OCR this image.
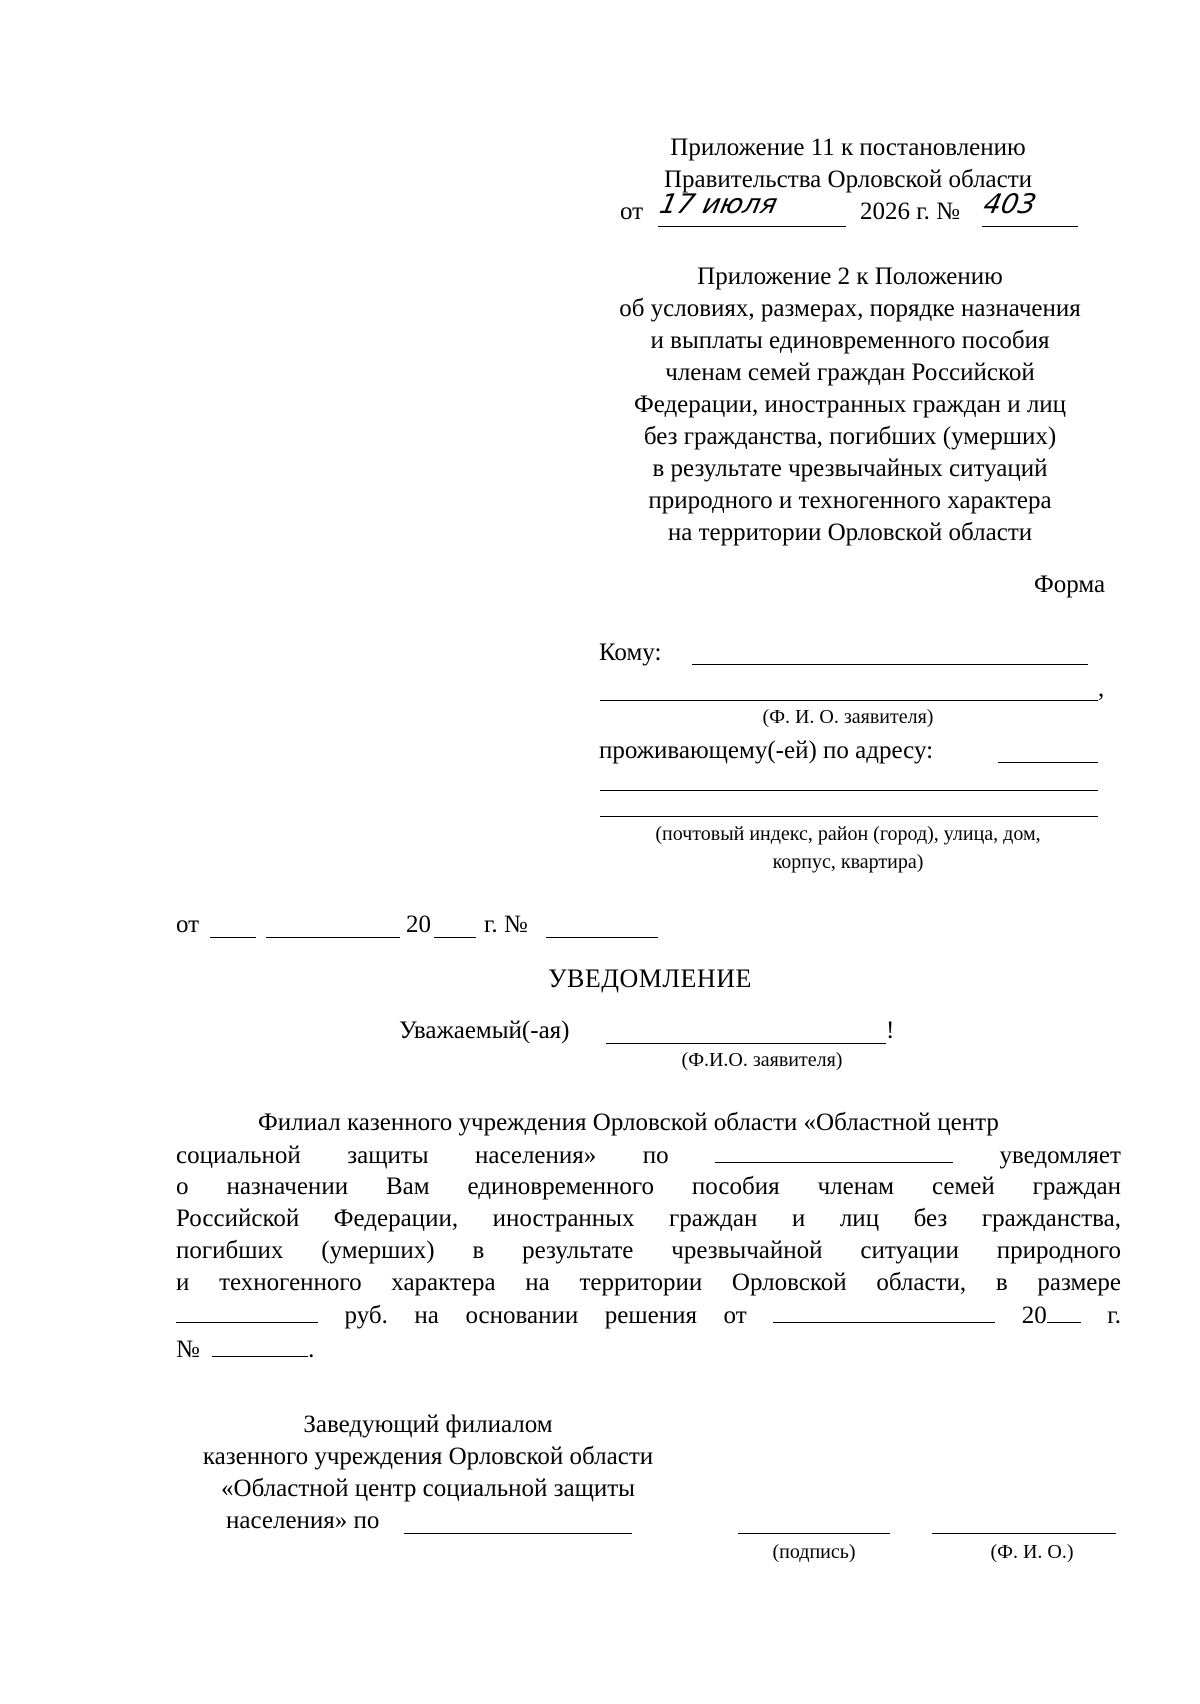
Приложение 11 к постановлению
Правительства Орловской области
от 17 июля	2026 г. № 403
Приложение 2 к Положению
об условиях, размерах, порядке назначения
и выплаты единовременного пособия
членам семей граждан Российской
Федерации, иностранных граждан и лиц
без гражданства, погибших (умерших)
в результате чрезвычайных ситуаций
природного и техногенного характера
на территории Орловской области
Форма
Кому:
,
(Ф. И. О. заявителя)
проживающему(-ей) по адресу:
(почтовый индекс, район (город), улица, дом,
корпус, квартира)
от	20 г. №
УВЕДОМЛЕНИЕ
Уважаемый(-ая)	!
(Ф.И.О. заявителя)
Филиал казенного учреждения Орловской области «Областной центр
социальной защиты населения» по	уведомляет
о назначении Вам единовременного пособия членам семей граждан
Российской Федерации, иностранных граждан и лиц без гражданства,
погибших (умерших) в результате чрезвычайной ситуации природного
и техногенного характера на территории Орловской области, в размере
руб. на основании решения от	20	г.
№	.
Заведующий филиалом
казенного учреждения Орловской области
«Областной центр социальной защиты
населения» по
(подпись)	(Ф. И. О.)
